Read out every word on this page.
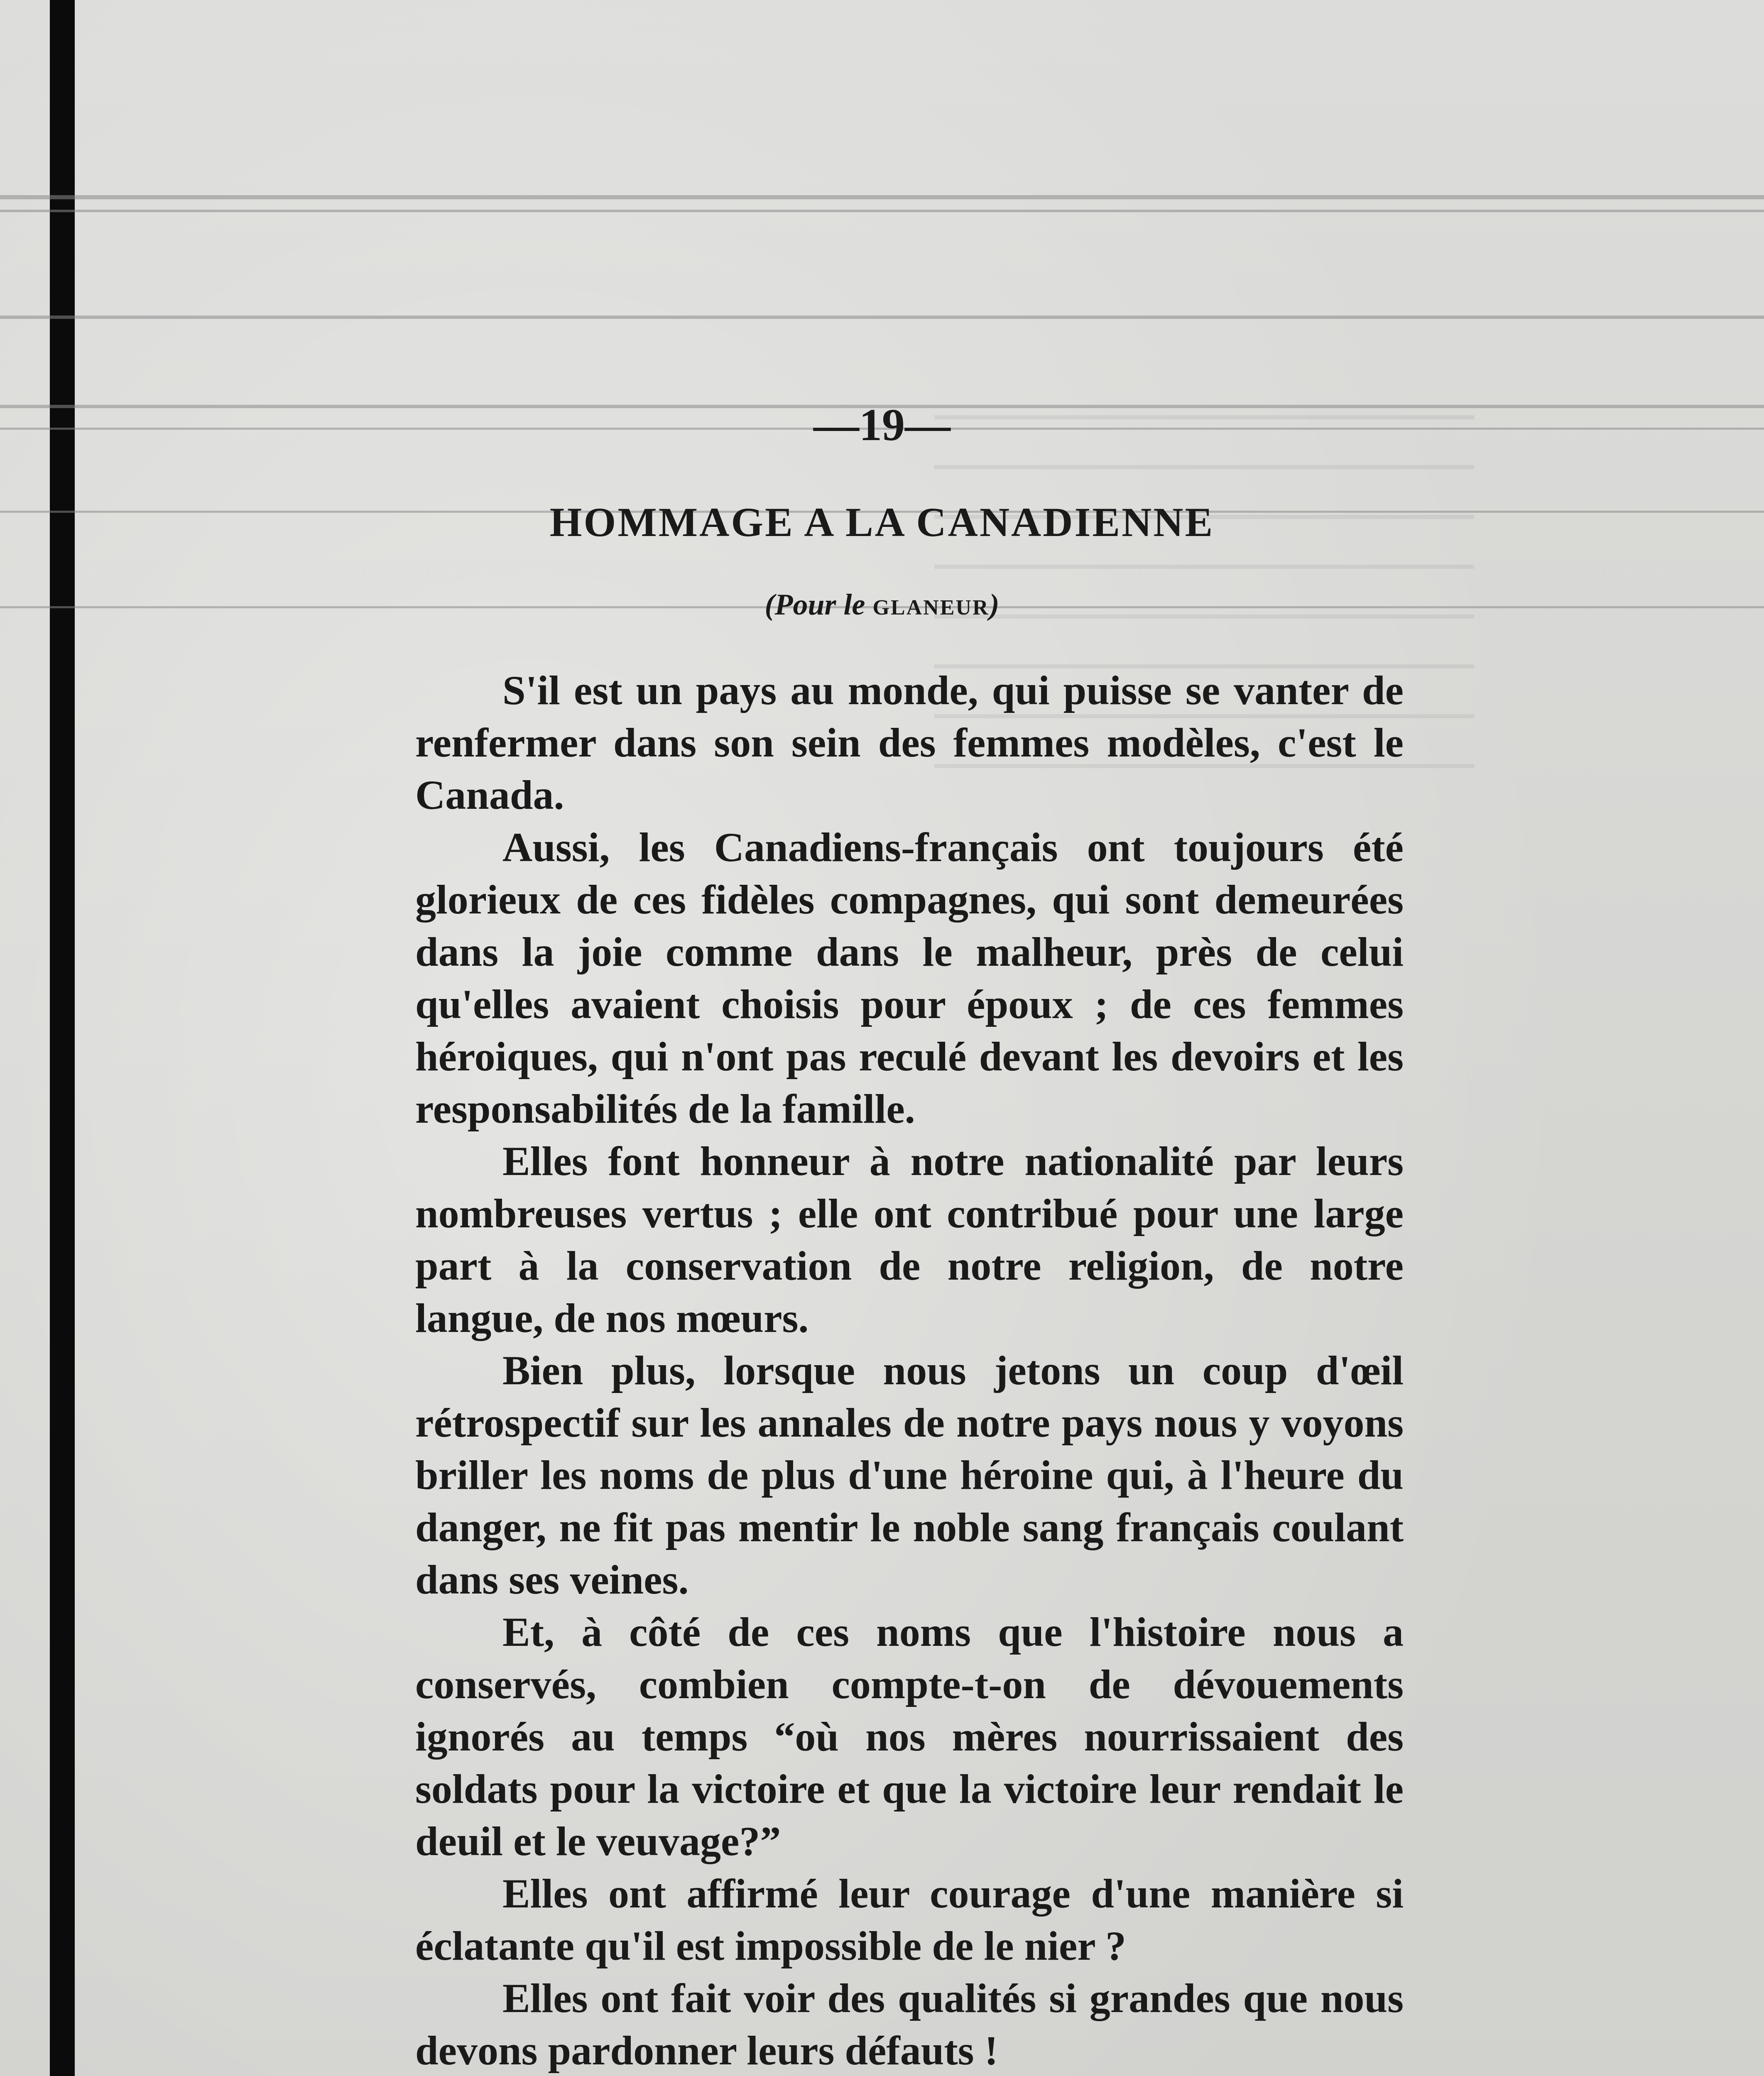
—19—
HOMMAGE A LA CANADIENNE
(Pour le GLANEUR)

S'il est un pays au monde, qui puisse se vanter de renfermer dans son sein des femmes modèles, c'est le Canada.

Aussi, les Canadiens-français ont toujours été glorieux de ces fidèles compagnes, qui sont demeurées dans la joie comme dans le malheur, près de celui qu'elles avaient choisis pour époux ; de ces femmes héroiques, qui n'ont pas reculé devant les devoirs et les responsabilités de la famille.

Elles font honneur à notre nationalité par leurs nombreuses vertus ; elle ont contribué pour une large part à la conservation de notre religion, de notre langue, de nos mœurs.

Bien plus, lorsque nous jetons un coup d'œil rétrospectif sur les annales de notre pays nous y voyons briller les noms de plus d'une héroine qui, à l'heure du danger, ne fit pas mentir le noble sang français coulant dans ses veines.

Et, à côté de ces noms que l'histoire nous a conservés, combien compte-t-on de dévouements ignorés au temps “où nos mères nourrissaient des soldats pour la victoire et que la victoire leur rendait le deuil et le veuvage?”

Elles ont affirmé leur courage d'une manière si éclatante qu'il est impossible de le nier ?

Elles ont fait voir des qualités si grandes que nous devons pardonner leurs défauts !
